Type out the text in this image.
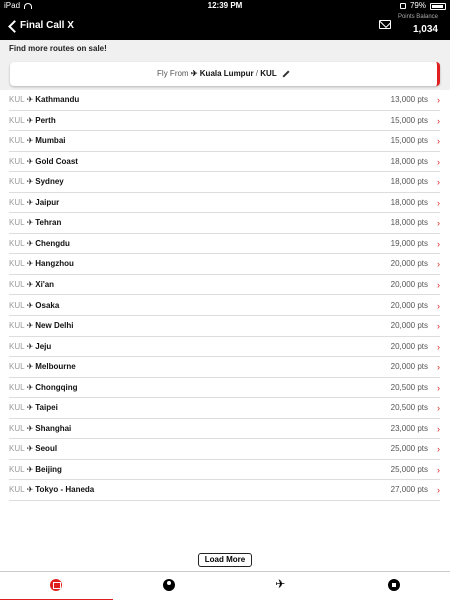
iPad	12:39 PM	79%
Final Call X
Points Balance
1,034
Find more routes on sale!
Fly From ✈ Kuala Lumpur / KUL
KUL ✈ Kathmandu	13,000 pts ›
KUL ✈ Perth	15,000 pts ›
KUL ✈ Mumbai	15,000 pts ›
KUL ✈ Gold Coast	18,000 pts ›
KUL ✈ Sydney	18,000 pts ›
KUL ✈ Jaipur	18,000 pts ›
KUL ✈ Tehran	18,000 pts ›
KUL ✈ Chengdu	19,000 pts ›
KUL ✈ Hangzhou	20,000 pts ›
KUL ✈ Xi'an	20,000 pts ›
KUL ✈ Osaka	20,000 pts ›
KUL ✈ New Delhi	20,000 pts ›
KUL ✈ Jeju	20,000 pts ›
KUL ✈ Melbourne	20,000 pts ›
KUL ✈ Chongqing	20,500 pts ›
KUL ✈ Taipei	20,500 pts ›
KUL ✈ Shanghai	23,000 pts ›
KUL ✈ Seoul	25,000 pts ›
KUL ✈ Beijing	25,000 pts ›
KUL ✈ Tokyo - Haneda	27,000 pts ›
Load More
✈
